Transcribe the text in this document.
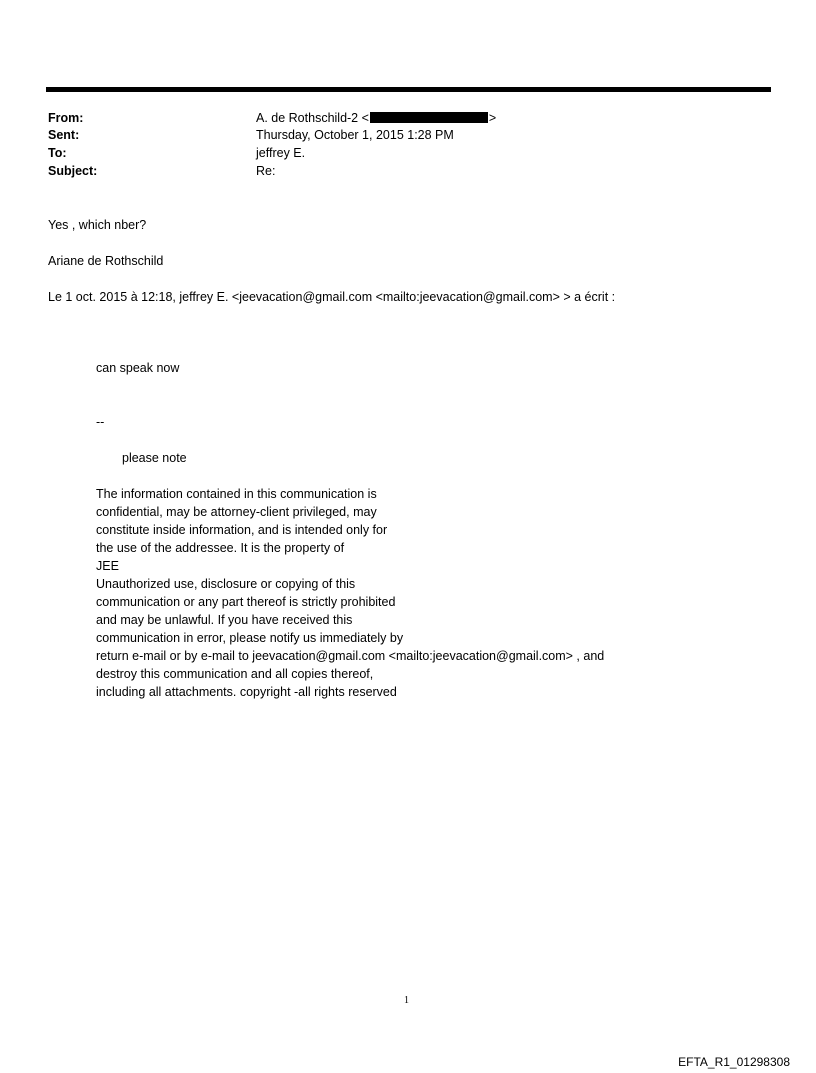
From:	A. de Rothschild-2 <	>
Sent:	Thursday, October 1, 2015 1:28 PM
To:	jeffrey E.
Subject:	Re:
Yes , which nber?
Ariane de Rothschild
Le 1 oct. 2015 à 12:18, jeffrey E. <jeevacation@gmail.com <mailto:jeevacation@gmail.com> > a écrit :
can speak now
--
please note
The information contained in this communication is
confidential, may be attorney-client privileged, may
constitute inside information, and is intended only for
the use of the addressee. It is the property of
JEE
Unauthorized use, disclosure or copying of this
communication or any part thereof is strictly prohibited
and may be unlawful. If you have received this
communication in error, please notify us immediately by
return e-mail or by e-mail to jeevacation@gmail.com <mailto:jeevacation@gmail.com> , and
destroy this communication and all copies thereof,
including all attachments. copyright -all rights reserved
1
EFTA_R1_01298308
